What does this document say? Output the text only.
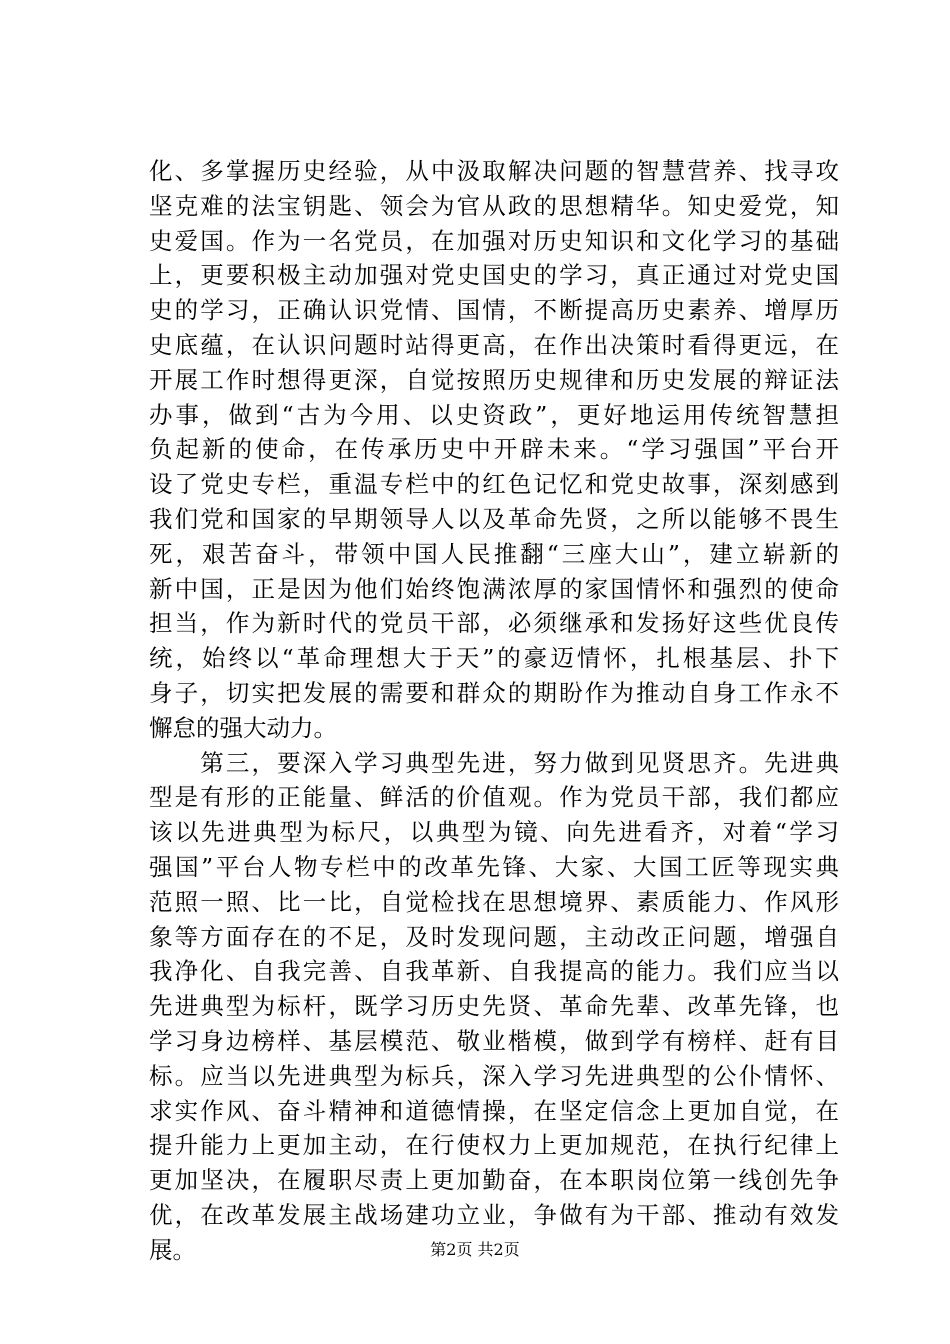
化、多掌握历史经验，从中汲取解决问题的智慧营养、找寻攻
坚克难的法宝钥匙、领会为官从政的思想精华。知史爱党，知
史爱国。作为一名党员，在加强对历史知识和文化学习的基础
上，更要积极主动加强对党史国史的学习，真正通过对党史国
史的学习，正确认识党情、国情，不断提高历史素养、增厚历
史底蕴，在认识问题时站得更高，在作出决策时看得更远，在
开展工作时想得更深，自觉按照历史规律和历史发展的辩证法
办事，做到“古为今用、以史资政”，更好地运用传统智慧担
负起新的使命，在传承历史中开辟未来。“学习强国”平台开
设了党史专栏，重温专栏中的红色记忆和党史故事，深刻感到
我们党和国家的早期领导人以及革命先贤，之所以能够不畏生
死，艰苦奋斗，带领中国人民推翻“三座大山”，建立崭新的
新中国，正是因为他们始终饱满浓厚的家国情怀和强烈的使命
担当，作为新时代的党员干部，必须继承和发扬好这些优良传
统，始终以“革命理想大于天”的豪迈情怀，扎根基层、扑下
身子，切实把发展的需要和群众的期盼作为推动自身工作永不
懈怠的强大动力。
　　第三，要深入学习典型先进，努力做到见贤思齐。先进典
型是有形的正能量、鲜活的价值观。作为党员干部，我们都应
该以先进典型为标尺，以典型为镜、向先进看齐，对着“学习
强国”平台人物专栏中的改革先锋、大家、大国工匠等现实典
范照一照、比一比，自觉检找在思想境界、素质能力、作风形
象等方面存在的不足，及时发现问题，主动改正问题，增强自
我净化、自我完善、自我革新、自我提高的能力。我们应当以
先进典型为标杆，既学习历史先贤、革命先辈、改革先锋，也
学习身边榜样、基层模范、敬业楷模，做到学有榜样、赶有目
标。应当以先进典型为标兵，深入学习先进典型的公仆情怀、
求实作风、奋斗精神和道德情操，在坚定信念上更加自觉，在
提升能力上更加主动，在行使权力上更加规范，在执行纪律上
更加坚决，在履职尽责上更加勤奋，在本职岗位第一线创先争
优，在改革发展主战场建功立业，争做有为干部、推动有效发
展。	第2页 共2页
